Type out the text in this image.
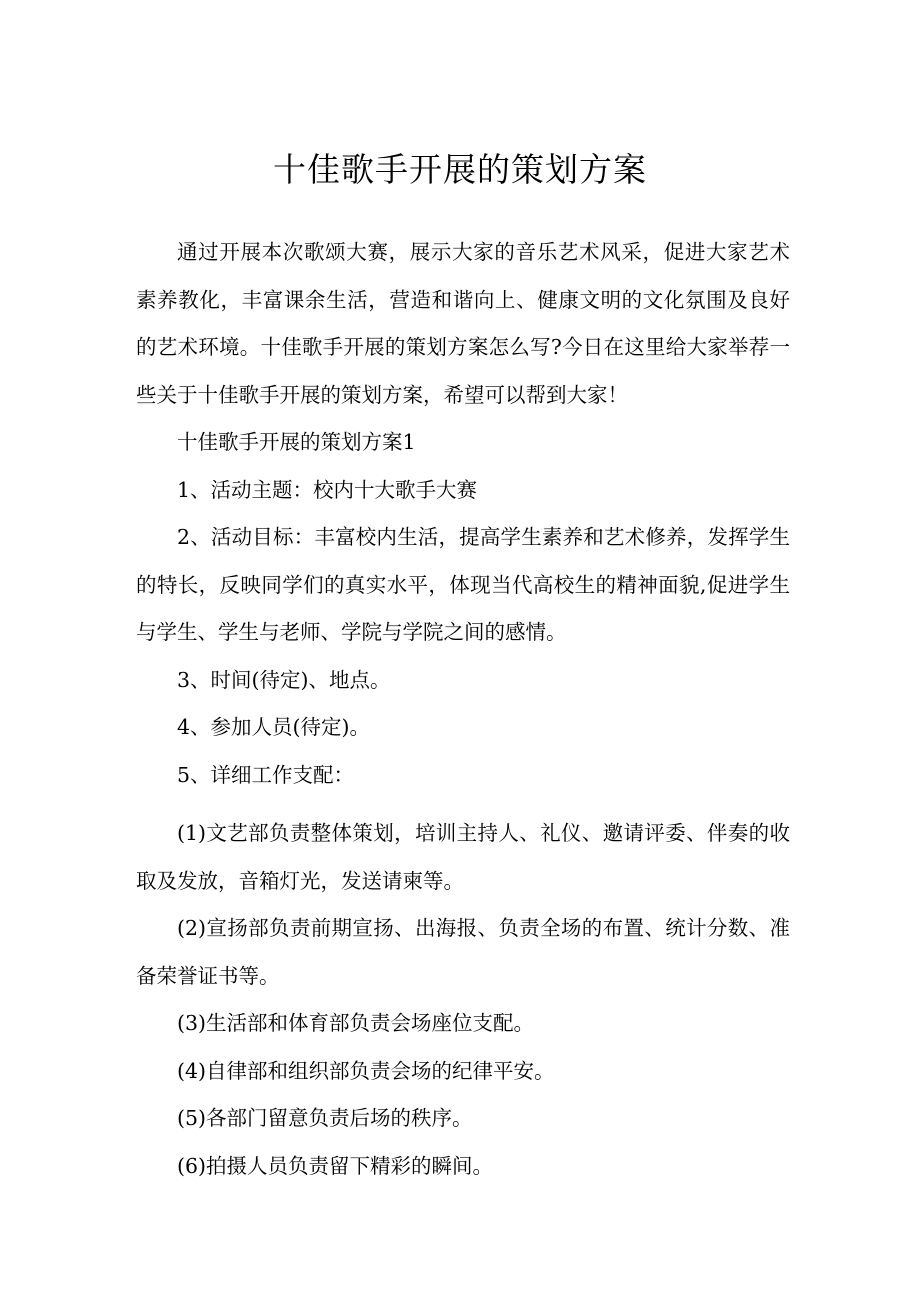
十佳歌手开展的策划方案

通过开展本次歌颂大赛，展示大家的音乐艺术风采，促进大家艺术素养教化，丰富课余生活，营造和谐向上、健康文明的文化氛围及良好的艺术环境。十佳歌手开展的策划方案怎么写?今日在这里给大家举荐一些关于十佳歌手开展的策划方案，希望可以帮到大家！

十佳歌手开展的策划方案1

1、活动主题：校内十大歌手大赛

2、活动目标：丰富校内生活，提高学生素养和艺术修养，发挥学生的特长，反映同学们的真实水平，体现当代高校生的精神面貌,促进学生与学生、学生与老师、学院与学院之间的感情。

3、时间(待定)、地点。

4、参加人员(待定)。

5、详细工作支配：

(1)文艺部负责整体策划，培训主持人、礼仪、邀请评委、伴奏的收取及发放，音箱灯光，发送请柬等。

(2)宣扬部负责前期宣扬、出海报、负责全场的布置、统计分数、准备荣誉证书等。

(3)生活部和体育部负责会场座位支配。

(4)自律部和组织部负责会场的纪律平安。

(5)各部门留意负责后场的秩序。

(6)拍摄人员负责留下精彩的瞬间。
